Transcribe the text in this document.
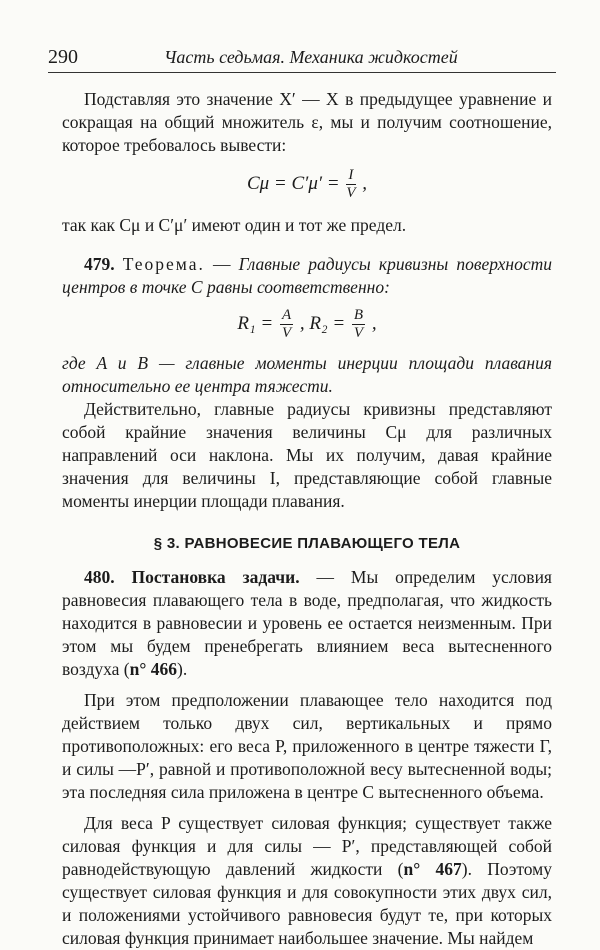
290	Часть седьмая. Механика жидкостей

Подставляя это значение X′ — X в предыдущее уравнение и сокращая на общий множитель ε, мы и получим соотношение, которое требовалось вывести:

$C\mu = C'\mu' = \frac{I}{V}$ ,

так как Cμ и C′μ′ имеют один и тот же предел.

479. Теорема. — Главные радиусы кривизны поверхности центров в точке C равны соответственно:

$R_1 = \frac{A}{V}$ , $R_2 = \frac{B}{V}$ ,

где A и B — главные моменты инерции площади плавания относительно ее центра тяжести.

Действительно, главные радиусы кривизны представляют собой крайние значения величины Cμ для различных направлений оси наклона. Мы их получим, давая крайние значения для величины I, представляющие собой главные моменты инерции площади плавания.

§ 3. РАВНОВЕСИЕ ПЛАВАЮЩЕГО ТЕЛА

480. Постановка задачи. — Мы определим условия равновесия плавающего тела в воде, предполагая, что жидкость находится в равновесии и уровень ее остается неизменным. При этом мы будем пренебрегать влиянием веса вытесненного воздуха (n° 466).

При этом предположении плавающее тело находится под действием только двух сил, вертикальных и прямо противоположных: его веса P, приложенного в центре тяжести Γ, и силы —P′, равной и противоположной весу вытесненной воды; эта последняя сила приложена в центре C вытесненного объема.

Для веса P существует силовая функция; существует также силовая функция и для силы — P′, представляющей собой равнодействующую давлений жидкости (n° 467). Поэтому существует силовая функция и для совокупности этих двух сил, и положениями устойчивого равновесия будут те, при которых силовая функция принимает наибольшее значение. Мы найдем
